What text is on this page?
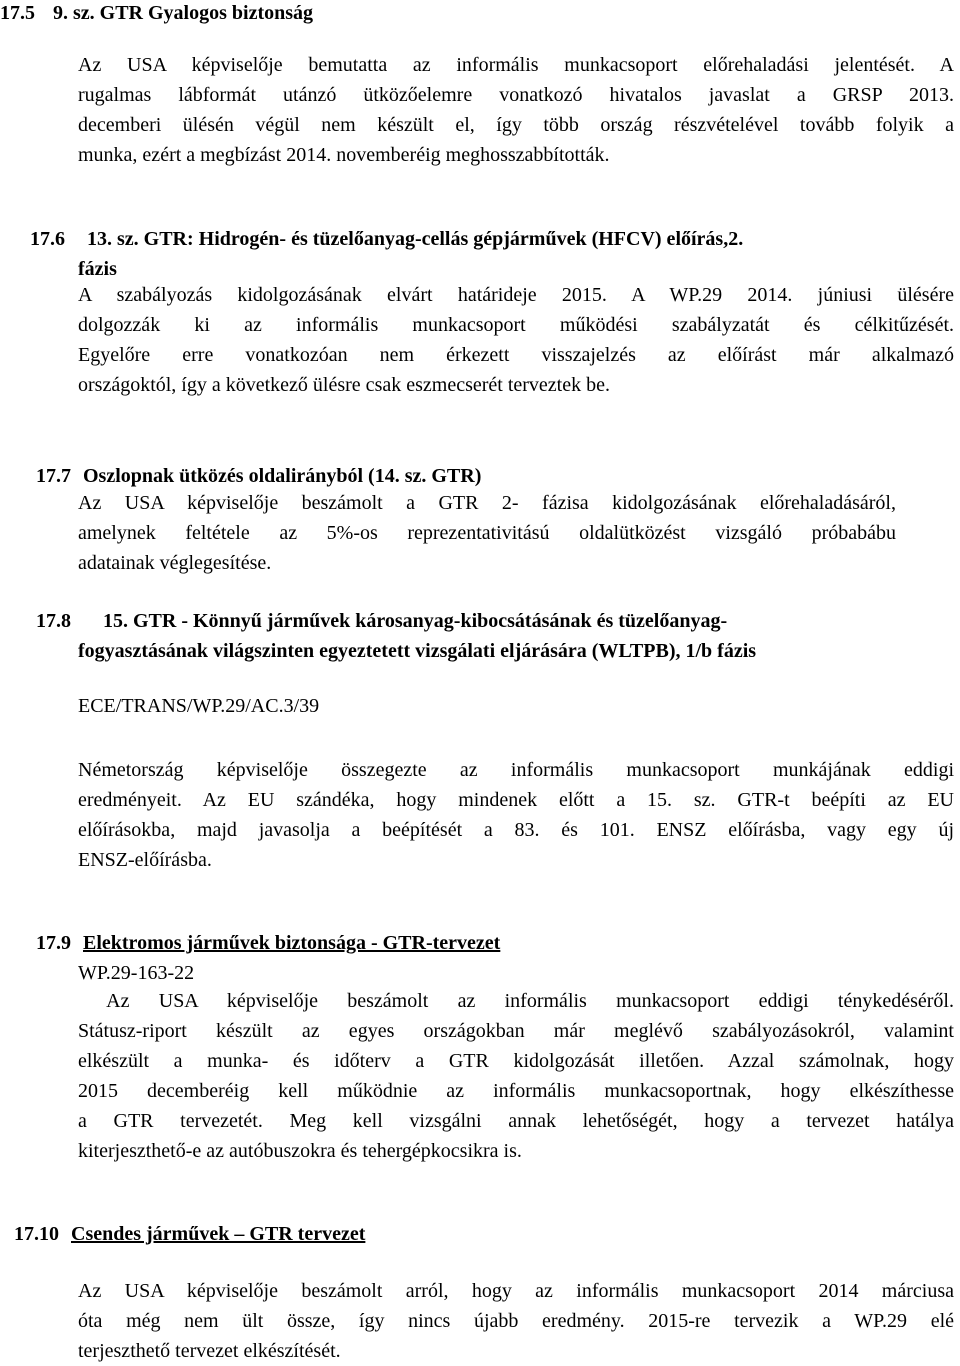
17.5 9. sz. GTR Gyalogos biztonság
Az USA képviselője bemutatta az informális munkacsoport előrehaladási jelentését. A
rugalmas lábformát utánzó ütközőelemre vonatkozó hivatalos javaslat a GRSP 2013.
decemberi ülésén végül nem készült el, így több ország részvételével tovább folyik a
munka, ezért a megbízást 2014. novemberéig meghosszabbították.
17.6 13. sz. GTR: Hidrogén- és tüzelőanyag-cellás gépjárművek (HFCV) előírás,2.
fázis
A szabályozás kidolgozásának elvárt határideje 2015. A WP.29 2014. júniusi ülésére
dolgozzák ki az informális munkacsoport működési szabályzatát és célkitűzését.
Egyelőre erre vonatkozóan nem érkezett visszajelzés az előírást már alkalmazó
országoktól, így a következő ülésre csak eszmecserét terveztek be.
17.7 Oszlopnak ütközés oldalirányból (14. sz. GTR)
Az USA képviselője beszámolt a GTR 2- fázisa kidolgozásának előrehaladásáról,
amelynek feltétele az 5%-os reprezentativitású oldalütközést vizsgáló próbabábu
adatainak véglegesítése.
17.8 15. GTR - Könnyű járművek károsanyag-kibocsátásának és tüzelőanyag-
fogyasztásának világszinten egyeztetett vizsgálati eljárására (WLTPB), 1/b fázis
ECE/TRANS/WP.29/AC.3/39
Németország képviselője összegezte az informális munkacsoport munkájának eddigi
eredményeit. Az EU szándéka, hogy mindenek előtt a 15. sz. GTR-t beépíti az EU
előírásokba, majd javasolja a beépítését a 83. és 101. ENSZ előírásba, vagy egy új
ENSZ-előírásba.
17.9 Elektromos járművek biztonsága - GTR-tervezet
WP.29-163-22
Az USA képviselője beszámolt az informális munkacsoport eddigi ténykedéséről.
Státusz-riport készült az egyes országokban már meglévő szabályozásokról, valamint
elkészült a munka- és időterv a GTR kidolgozását illetően. Azzal számolnak, hogy
2015 decemberéig kell működnie az informális munkacsoportnak, hogy elkészíthesse
a GTR tervezetét. Meg kell vizsgálni annak lehetőségét, hogy a tervezet hatálya
kiterjeszthető-e az autóbuszokra és tehergépkocsikra is.
17.10 Csendes járművek – GTR tervezet
Az USA képviselője beszámolt arról, hogy az informális munkacsoport 2014 márciusa
óta még nem ült össze, így nincs újabb eredmény. 2015-re tervezik a WP.29 elé
terjeszthető tervezet elkészítését.
